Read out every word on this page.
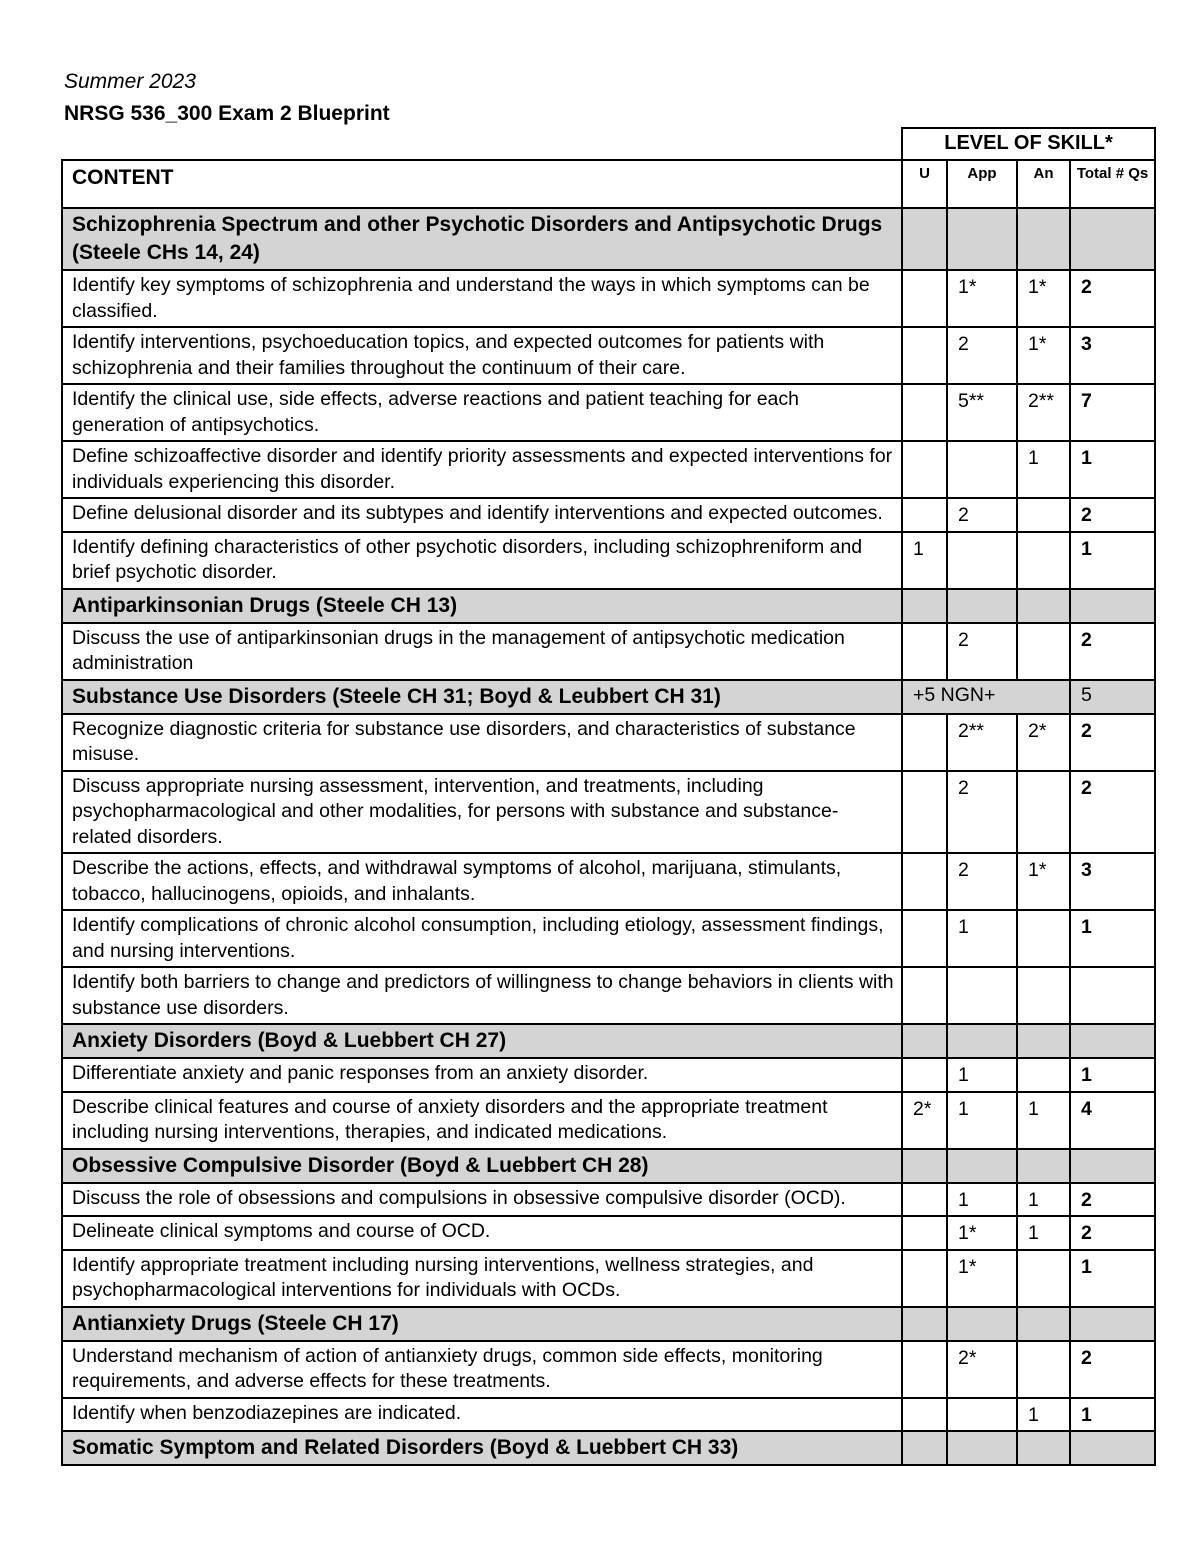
Summer 2023
NRSG 536_300 Exam 2 Blueprint
	LEVEL OF SKILL*			
CONTENT	U	App	An	Total # Qs
Schizophrenia Spectrum and other Psychotic Disorders and Antipsychotic Drugs (Steele CHs 14, 24)				
Identify key symptoms of schizophrenia and understand the ways in which symptoms can be classified.		1*	1*	2
Identify interventions, psychoeducation topics, and expected outcomes for patients with schizophrenia and their families throughout the continuum of their care.		2	1*	3
Identify the clinical use, side effects, adverse reactions and patient teaching for each generation of antipsychotics.		5**	2**	7
Define schizoaffective disorder and identify priority assessments and expected interventions for individuals experiencing this disorder.			1	1
Define delusional disorder and its subtypes and identify interventions and expected outcomes.		2		2
Identify defining characteristics of other psychotic disorders, including schizophreniform and brief psychotic disorder.	1			1
Antiparkinsonian Drugs (Steele CH 13)				
Discuss the use of antiparkinsonian drugs in the management of antipsychotic medication administration		2		2
Substance Use Disorders (Steele CH 31; Boyd & Leubbert CH 31)	+5 NGN+			5
Recognize diagnostic criteria for substance use disorders, and characteristics of substance misuse.		2**	2*	2
Discuss appropriate nursing assessment, intervention, and treatments, including psychopharmacological and other modalities, for persons with substance and substance-related disorders.		2		2
Describe the actions, effects, and withdrawal symptoms of alcohol, marijuana, stimulants, tobacco, hallucinogens, opioids, and inhalants.		2	1*	3
Identify complications of chronic alcohol consumption, including etiology, assessment findings, and nursing interventions.		1		1
Identify both barriers to change and predictors of willingness to change behaviors in clients with substance use disorders.				
Anxiety Disorders (Boyd & Luebbert CH 27)				
Differentiate anxiety and panic responses from an anxiety disorder.		1		1
Describe clinical features and course of anxiety disorders and the appropriate treatment including nursing interventions, therapies, and indicated medications.	2*	1	1	4
Obsessive Compulsive Disorder (Boyd & Luebbert CH 28)				
Discuss the role of obsessions and compulsions in obsessive compulsive disorder (OCD).		1	1	2
Delineate clinical symptoms and course of OCD.		1*	1	2
Identify appropriate treatment including nursing interventions, wellness strategies, and psychopharmacological interventions for individuals with OCDs.		1*		1
Antianxiety Drugs (Steele CH 17)				
Understand mechanism of action of antianxiety drugs, common side effects, monitoring requirements, and adverse effects for these treatments.		2*		2
Identify when benzodiazepines are indicated.			1	1
Somatic Symptom and Related Disorders (Boyd & Luebbert CH 33)				
